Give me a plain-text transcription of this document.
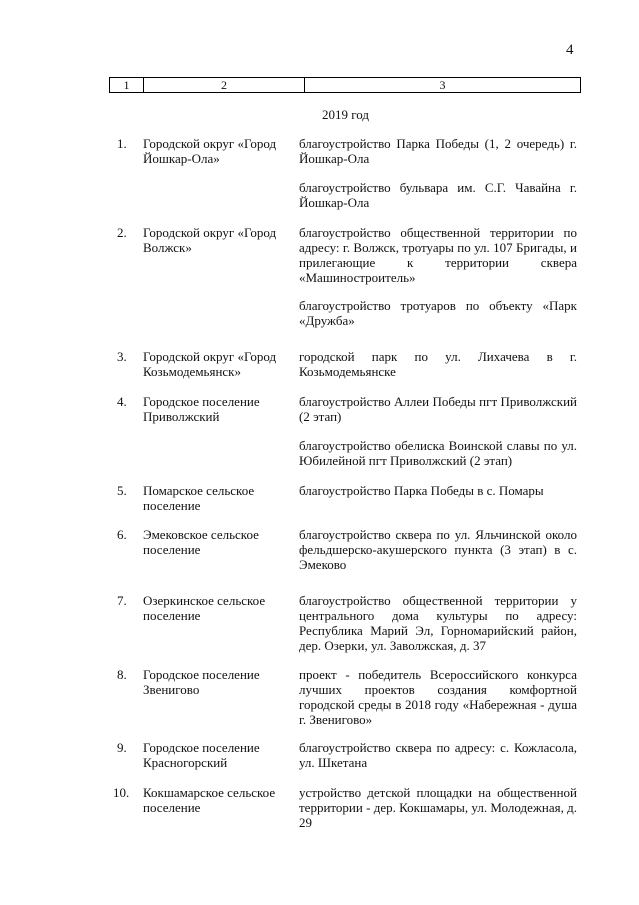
4
1	2	3
2019 год
1. Городской округ «Город Йошкар-Ола»
благоустройство Парка Победы (1, 2 очередь) г. Йошкар-Ола
благоустройство бульвара им. С.Г. Чавайна г. Йошкар-Ола
2. Городской округ «Город Волжск»
благоустройство общественной территории по адресу: г. Волжск, тротуары по ул. 107 Бригады, и прилегающие к территории сквера «Машиностроитель»
благоустройство тротуаров по объекту «Парк «Дружба»
3. Городской округ «Город Козьмодемьянск»
городской парк по ул. Лихачева в г. Козьмодемьянске
4. Городское поселение Приволжский
благоустройство Аллеи Победы пгт Приволжский (2 этап)
благоустройство обелиска Воинской славы по ул. Юбилейной пгт Приволжский (2 этап)
5. Помарское сельское поселение
благоустройство Парка Победы в с. Помары
6. Эмековское сельское поселение
благоустройство сквера по ул. Яльчинской около фельдшерско-акушерского пункта (3 этап) в с. Эмеково
7. Озеркинское сельское поселение
благоустройство общественной территории у центрального дома культуры по адресу: Республика Марий Эл, Горномарийский район, дер. Озерки, ул. Заволжская, д. 37
8. Городское поселение Звенигово
проект - победитель Всероссийского конкурса лучших проектов создания комфортной городской среды в 2018 году «Набережная - душа г. Звенигово»
9. Городское поселение Красногорский
благоустройство сквера по адресу: с. Кожласола, ул. Шкетана
10. Кокшамарское сельское поселение
устройство детской площадки на общественной территории - дер. Кокшамары, ул. Молодежная, д. 29
